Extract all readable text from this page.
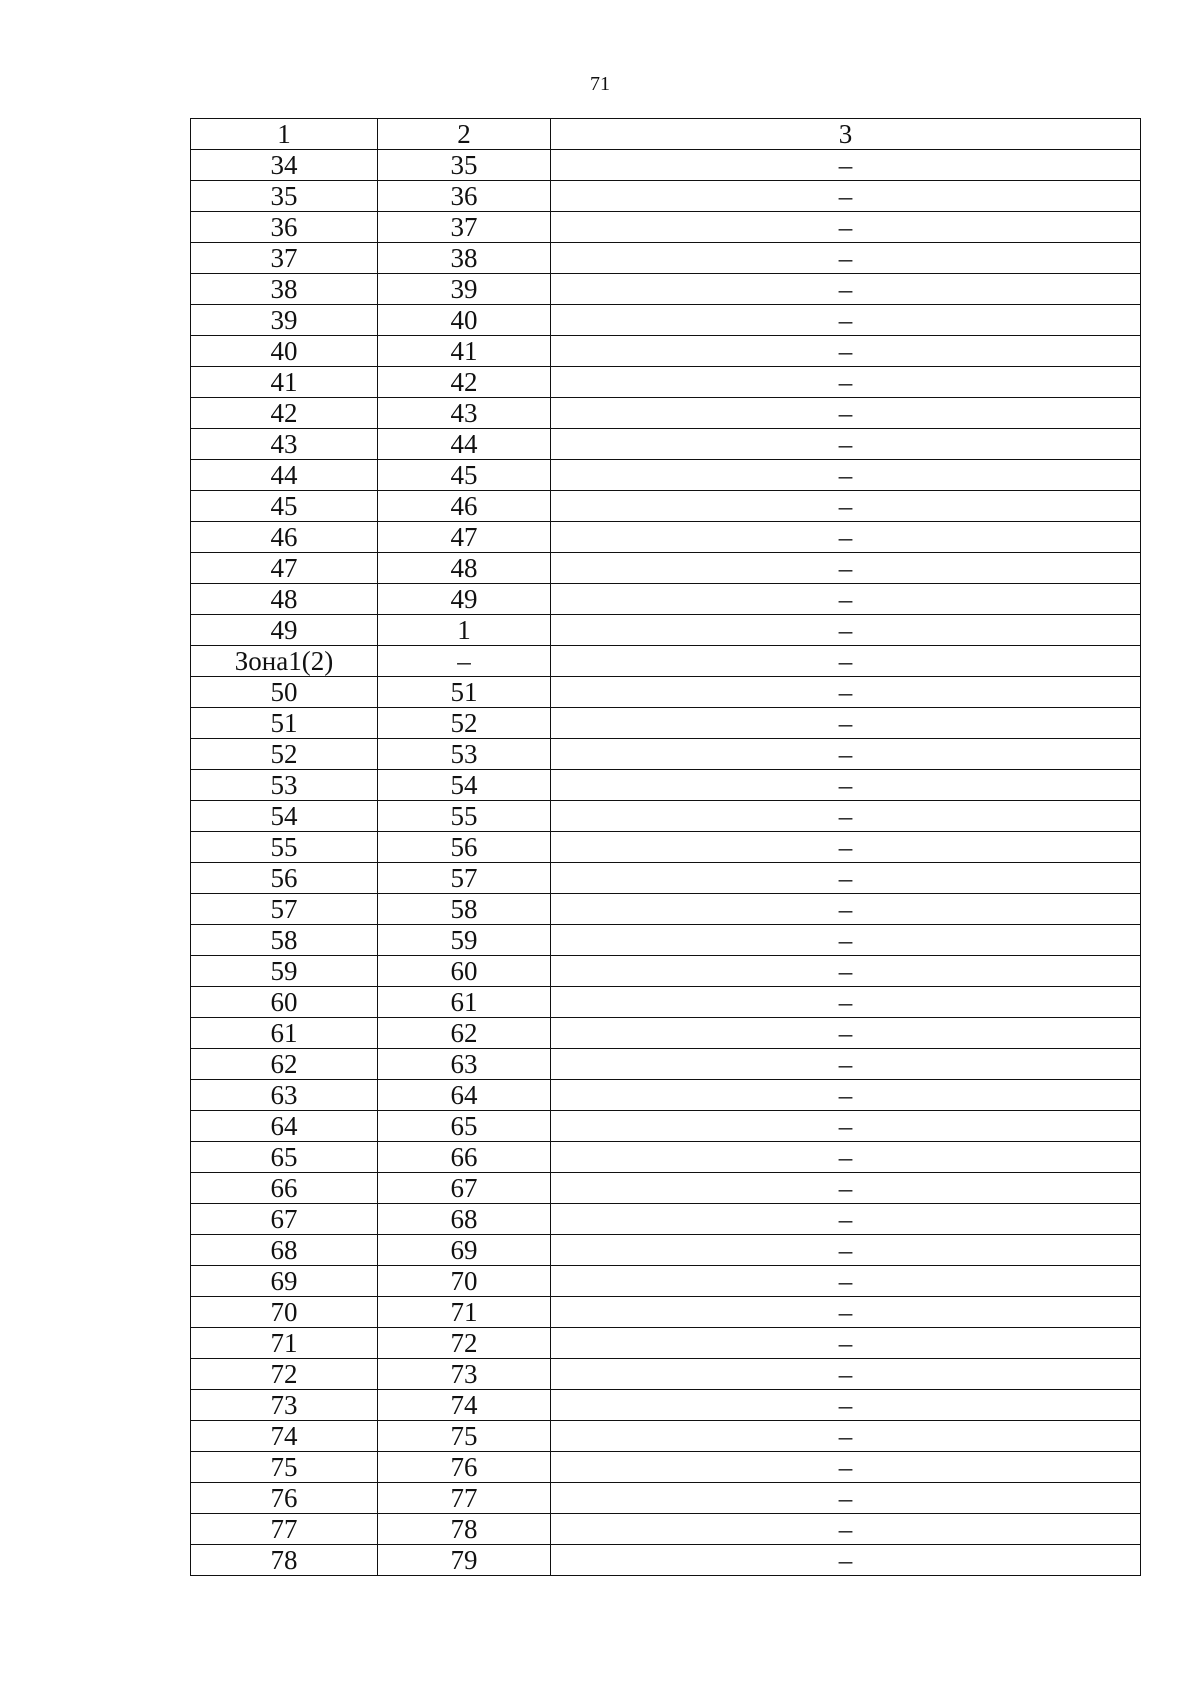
71
1	2	3
34	35	–
35	36	–
36	37	–
37	38	–
38	39	–
39	40	–
40	41	–
41	42	–
42	43	–
43	44	–
44	45	–
45	46	–
46	47	–
47	48	–
48	49	–
49	1	–
Зона1(2)	–	–
50	51	–
51	52	–
52	53	–
53	54	–
54	55	–
55	56	–
56	57	–
57	58	–
58	59	–
59	60	–
60	61	–
61	62	–
62	63	–
63	64	–
64	65	–
65	66	–
66	67	–
67	68	–
68	69	–
69	70	–
70	71	–
71	72	–
72	73	–
73	74	–
74	75	–
75	76	–
76	77	–
77	78	–
78	79	–
